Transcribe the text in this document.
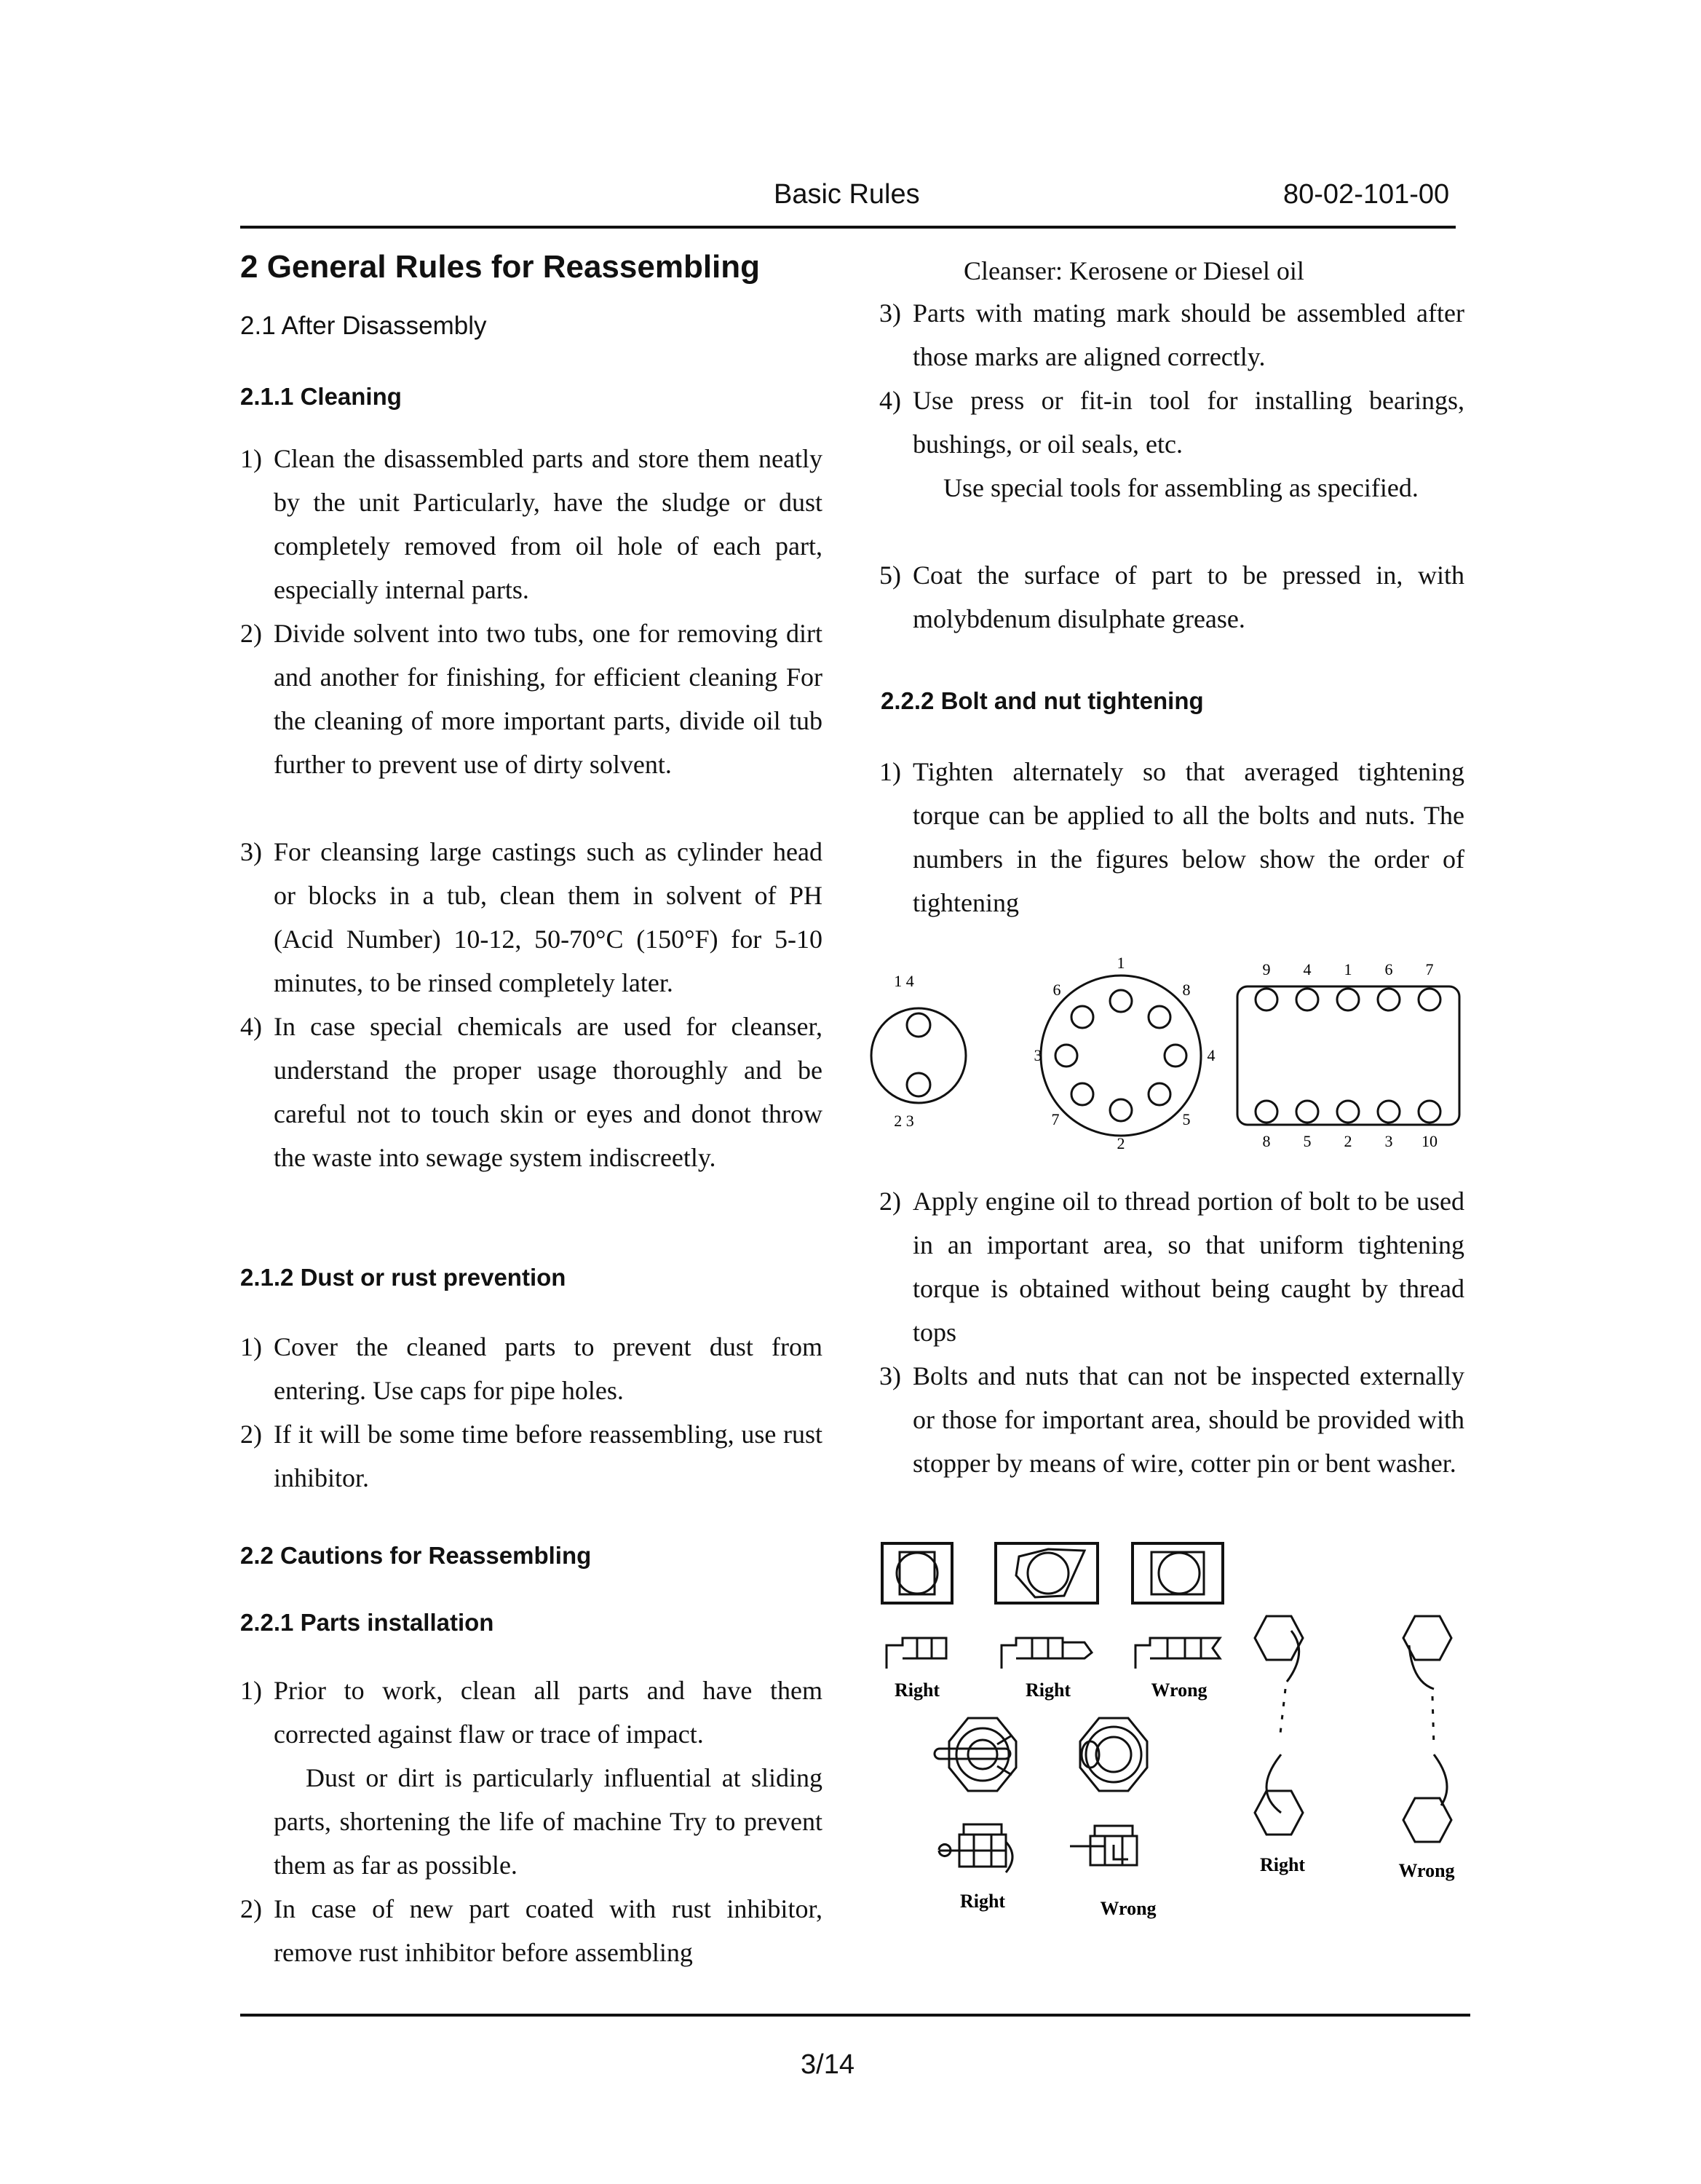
Basic Rules	80-02-101-00
2 General Rules for Reassembling
2.1 After Disassembly
2.1.1 Cleaning
1) Clean the disassembled parts and store them neatly by the unit Particularly, have the sludge or dust completely removed from oil hole of each part, especially internal parts.
2) Divide solvent into two tubs, one for removing dirt and another for finishing, for efficient cleaning For the cleaning of more important parts, divide oil tub further to prevent use of dirty solvent.
3) For cleansing large castings such as cylinder head or blocks in a tub, clean them in solvent of PH (Acid Number) 10-12, 50-70°C (150°F) for 5-10 minutes, to be rinsed completely later.
4) In case special chemicals are used for cleanser, understand the proper usage thoroughly and be careful not to touch skin or eyes and donot throw the waste into sewage system indiscreetly.
2.1.2 Dust or rust prevention
1) Cover the cleaned parts to prevent dust from entering. Use caps for pipe holes.
2) If it will be some time before reassembling, use rust inhibitor.
2.2 Cautions for Reassembling
2.2.1 Parts installation
1) Prior to work, clean all parts and have them corrected against flaw or trace of impact.
Dust or dirt is particularly influential at sliding parts, shortening the life of machine Try to prevent them as far as possible.
2) In case of new part coated with rust inhibitor, remove rust inhibitor before assembling
Cleanser: Kerosene or Diesel oil
3) Parts with mating mark should be assembled after those marks are aligned correctly.
4) Use press or fit-in tool for installing bearings, bushings, or oil seals, etc.
Use special tools for assembling as specified.
5) Coat the surface of part to be pressed in, with molybdenum disulphate grease.
2.2.2 Bolt and nut tightening
1) Tighten alternately so that averaged tightening torque can be applied to all the bolts and nuts. The numbers in the figures below show the order of tightening
1 4
2 3
1
8
4
5
2
7
3
6
9 4 1 6 7
8 5 2 3 10
2) Apply engine oil to thread portion of bolt to be used in an important area, so that uniform tightening torque is obtained without being caught by thread tops
3) Bolts and nuts that can not be inspected externally or those for important area, should be provided with stopper by means of wire, cotter pin or bent washer.
Right	Right	Wrong
Right	Wrong
Right	Wrong
3/14
